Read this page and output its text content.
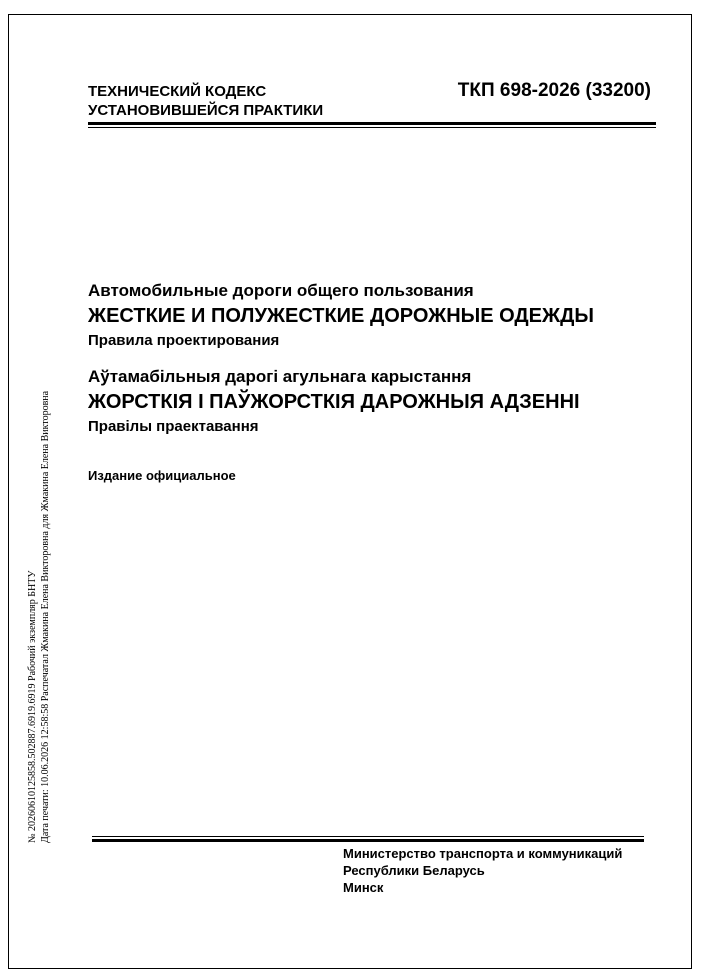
ТЕХНИЧЕСКИЙ КОДЕКС
УСТАНОВИВШЕЙСЯ ПРАКТИКИ
ТКП 698-2026 (33200)
Автомобильные дороги общего пользования
ЖЕСТКИЕ И ПОЛУЖЕСТКИЕ ДОРОЖНЫЕ ОДЕЖДЫ
Правила проектирования
Аўтамабільныя дарогі агульнага карыстання
ЖОРСТКІЯ І ПАЎЖОРСТКІЯ ДАРОЖНЫЯ АДЗЕННІ
Правілы праектавання
Издание официальное
№ 20260610125858.502887.6919.6919 Рабочий экземпляр БНТУ Дата печати: 10.06.2026 12:58:58 Распечатал Жмакина Елена Викторовна для Жмакина Елена Викторовна
Министерство транспорта и коммуникаций
Республики Беларусь
Минск
